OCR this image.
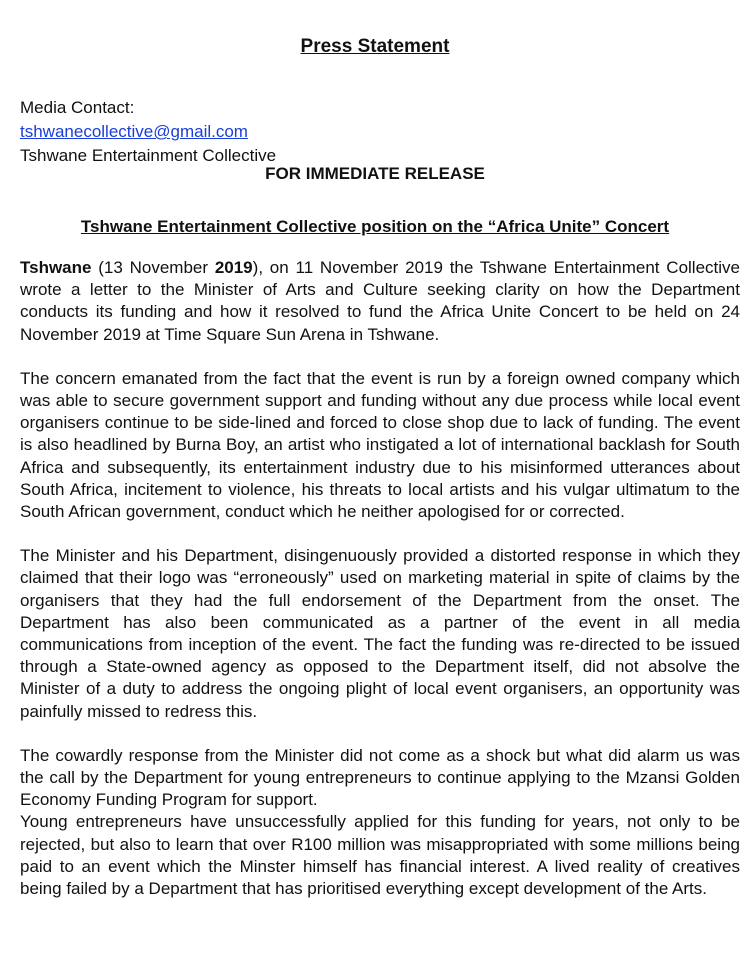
Press Statement
Media Contact:
tshwanecollective@gmail.com
Tshwane Entertainment Collective
FOR IMMEDIATE RELEASE
Tshwane Entertainment Collective position on the “Africa Unite” Concert

Tshwane (13 November 2019), on 11 November 2019 the Tshwane Entertainment Collective wrote a letter to the Minister of Arts and Culture seeking clarity on how the Department conducts its funding and how it resolved to fund the Africa Unite Concert to be held on 24 November 2019 at Time Square Sun Arena in Tshwane.

The concern emanated from the fact that the event is run by a foreign owned company which was able to secure government support and funding without any due process while local event organisers continue to be side-lined and forced to close shop due to lack of funding. The event is also headlined by Burna Boy, an artist who instigated a lot of international backlash for South Africa and subsequently, its entertainment industry due to his misinformed utterances about South Africa, incitement to violence, his threats to local artists and his vulgar ultimatum to the South African government, conduct which he neither apologised for or corrected.

The Minister and his Department, disingenuously provided a distorted response in which they claimed that their logo was “erroneously” used on marketing material in spite of claims by the organisers that they had the full endorsement of the Department from the onset. The Department has also been communicated as a partner of the event in all media communications from inception of the event. The fact the funding was re-directed to be issued through a State-owned agency as opposed to the Department itself, did not absolve the Minister of a duty to address the ongoing plight of local event organisers, an opportunity was painfully missed to redress this.

The cowardly response from the Minister did not come as a shock but what did alarm us was the call by the Department for young entrepreneurs to continue applying to the Mzansi Golden Economy Funding Program for support.

Young entrepreneurs have unsuccessfully applied for this funding for years, not only to be rejected, but also to learn that over R100 million was misappropriated with some millions being paid to an event which the Minster himself has financial interest. A lived reality of creatives being failed by a Department that has prioritised everything except development of the Arts.
